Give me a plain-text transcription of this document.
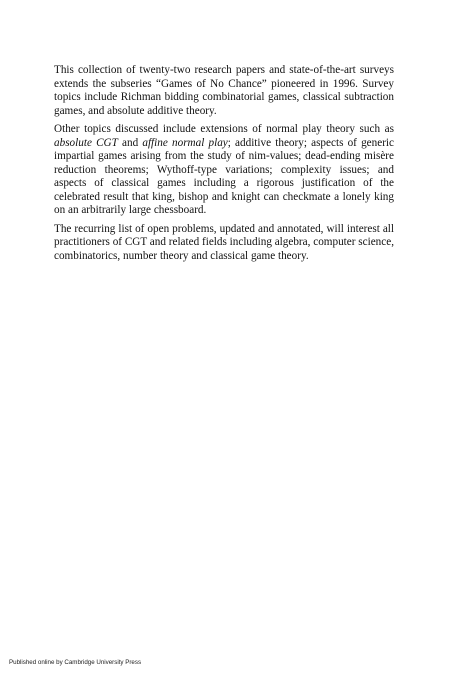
This collection of twenty-two research papers and state-of-the-art surveys extends the subseries “Games of No Chance” pioneered in 1996. Survey topics include Richman bidding combinatorial games, classical subtraction games, and absolute additive theory.

Other topics discussed include extensions of normal play theory such as absolute CGT and affine normal play; additive theory; aspects of generic impartial games arising from the study of nim-values; dead-ending misère reduction theorems; Wythoff-type variations; complexity issues; and aspects of classical games including a rigorous justification of the celebrated result that king, bishop and knight can checkmate a lonely king on an arbitrarily large chessboard.

The recurring list of open problems, updated and annotated, will interest all practitioners of CGT and related fields including algebra, computer science, combinatorics, number theory and classical game theory.

Published online by Cambridge University Press
